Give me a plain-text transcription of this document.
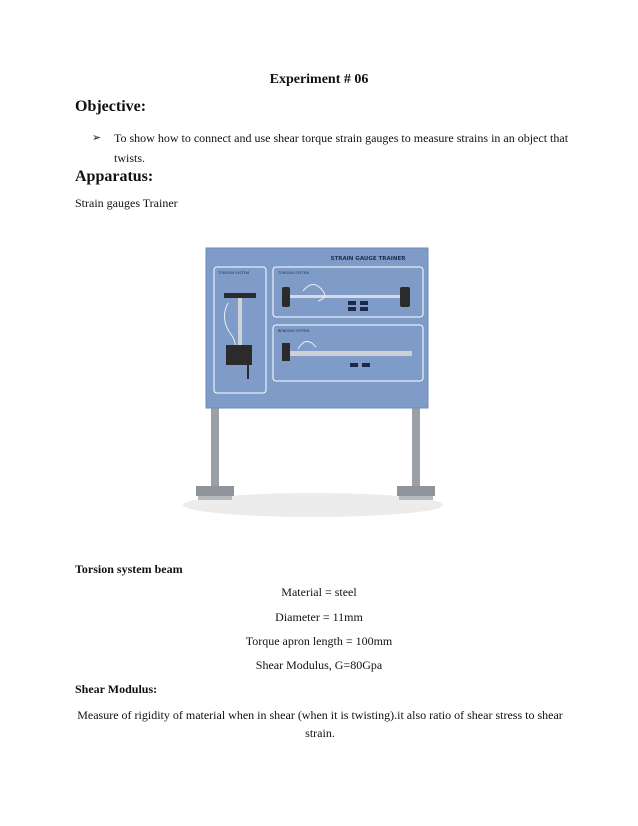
Experiment # 06
Objective:
➢ To show how to connect and use shear torque strain gauges to measure strains in an object that twists.
Apparatus:
Strain gauges Trainer
STRAIN GAUGE TRAINER
TORSION SYSTEM	TORSION SYSTEM
BENDING SYSTEM
Torsion system beam
Material = steel
Diameter = 11mm
Torque apron length = 100mm
Shear Modulus, G=80Gpa
Shear Modulus:
Measure of rigidity of material when in shear (when it is twisting).it also ratio of shear stress to shear strain.
